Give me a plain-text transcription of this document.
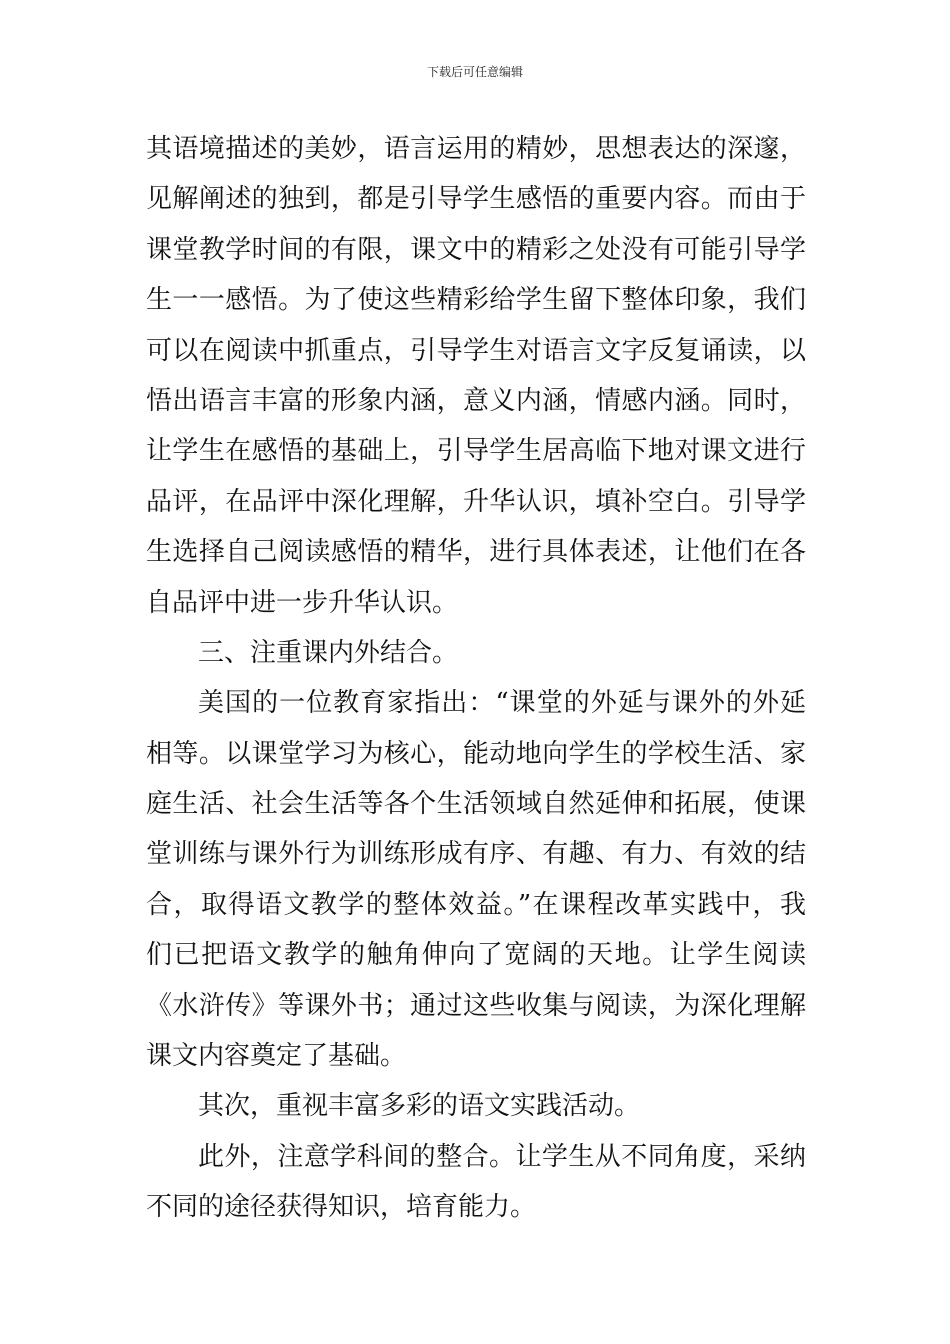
下载后可任意编辑
其语境描述的美妙，语言运用的精妙，思想表达的深邃，
见解阐述的独到，都是引导学生感悟的重要内容。而由于
课堂教学时间的有限，课文中的精彩之处没有可能引导学
生一一感悟。为了使这些精彩给学生留下整体印象，我们
可以在阅读中抓重点，引导学生对语言文字反复诵读，以
悟出语言丰富的形象内涵，意义内涵，情感内涵。同时，
让学生在感悟的基础上，引导学生居高临下地对课文进行
品评，在品评中深化理解，升华认识，填补空白。引导学
生选择自己阅读感悟的精华，进行具体表述，让他们在各
自品评中进一步升华认识。
三、注重课内外结合。
美国的一位教育家指出：“课堂的外延与课外的外延
相等。以课堂学习为核心，能动地向学生的学校生活、家
庭生活、社会生活等各个生活领域自然延伸和拓展，使课
堂训练与课外行为训练形成有序、有趣、有力、有效的结
合，取得语文教学的整体效益。”在课程改革实践中，我
们已把语文教学的触角伸向了宽阔的天地。让学生阅读
《水浒传》等课外书；通过这些收集与阅读，为深化理解
课文内容奠定了基础。
其次，重视丰富多彩的语文实践活动。
此外，注意学科间的整合。让学生从不同角度，采纳
不同的途径获得知识，培育能力。
